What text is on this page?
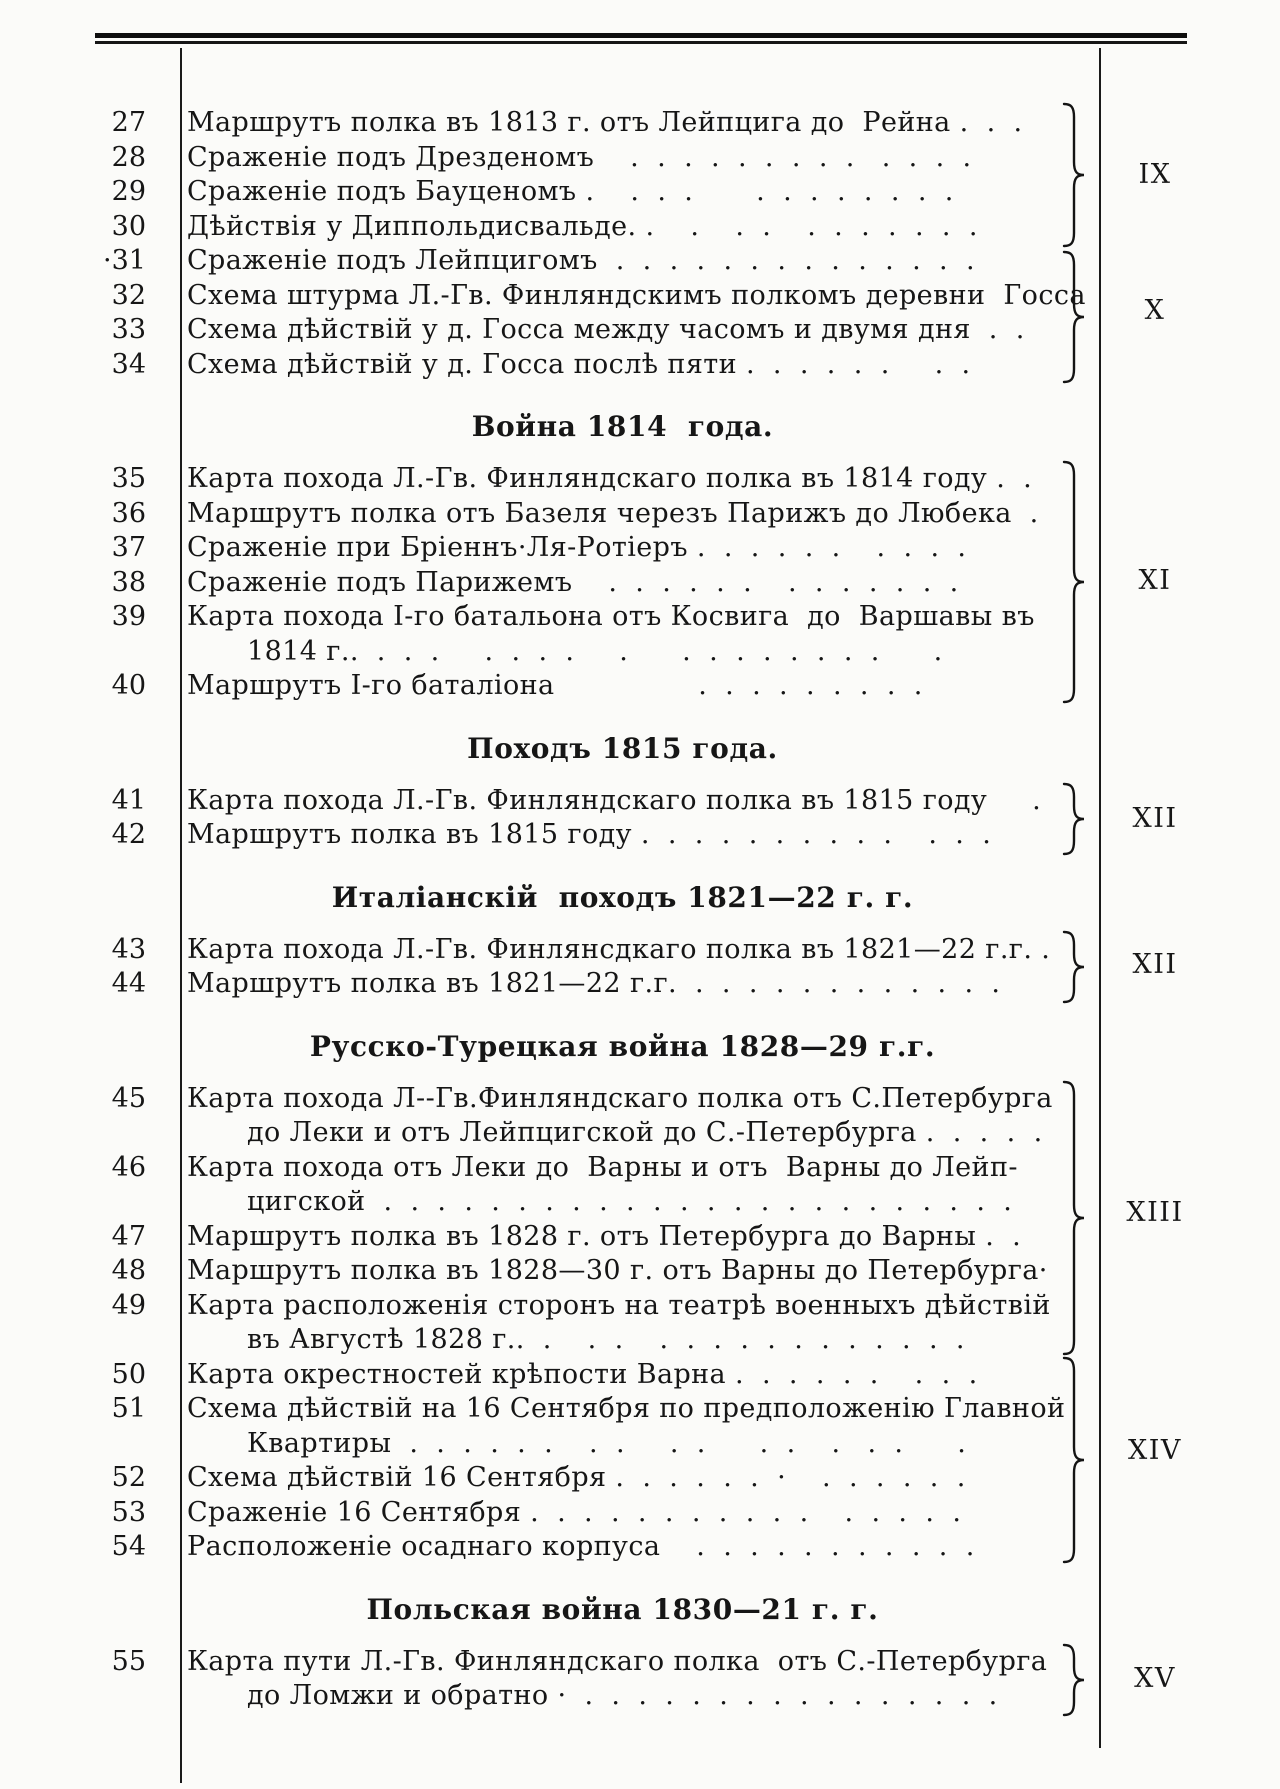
27 Маршрутъ полка въ 1813 г. отъ Лейпцига до  Рейна .  .  .
28 Сраженіе подъ Дрезденомъ    .  .  .  .  .  .  .  .  .   .  .  .  .
29 Сраженіе подъ Бауценомъ .    .  .  .       .  .  .  .  .  .  .  .
30 Дѣйствія у Диппольдисвальде. .    .    .  .    .  .  .  .  .  .  .
·31 Сраженіе подъ Лейпцигомъ  .  .  .  .  .  .  .  .  .  .  .  .  .  .
32 Схема штурма Л.-Гв. Финляндскимъ полкомъ деревни  Госса
33 Схема дѣйствій у д. Госса между часомъ и двумя дня  .  .
34 Схема дѣйствій у д. Госса послѣ пяти .  .  .  .  .  .     .  .
Война 1814  года.
35 Карта похода Л.-Гв. Финляндскаго полка въ 1814 году .  .
36 Маршрутъ полка отъ Базеля черезъ Парижъ до Любека  .
37 Сраженіе при Бріеннъ·Ля-Ротіеръ .  .  .  .  .  .    .  .  .  .
38 Сраженіе подъ Парижемъ    .  .  .  .  .  .    .  .  .  .  .  .  .
39 Карта похода I-го батальона отъ Косвига  до  Варшавы въ
1814 г..  .  .  .     .  .  .  .     .      .  .  .  .  .  .  .  .      .
40 Маршрутъ I-го баталіона                .  .  .  .  .  .  .  .  .
Походъ 1815 года.
41 Карта похода Л.-Гв. Финляндскаго полка въ 1815 году     .
42 Маршрутъ полка въ 1815 году .  .  .  .  .  .  .  .  .  .    .  .  .
Италіанскій  походъ 1821—22 г. г.
43 Карта похода Л.-Гв. Финлянсдкаго полка въ 1821—22 г.г. .
44 Маршрутъ полка въ 1821—22 г.г.  .  .  .  .  .  .  .  .  .  .  .  .
Русско-Турецкая война 1828—29 г.г.
45 Карта похода Л--Гв.Финляндскаго полка отъ С.Петербурга
до Леки и отъ Лейпцигской до С.-Петербурга .  .  .  .  .
46 Карта похода отъ Леки до  Варны и отъ  Варны до Лейп-
цигской  .  .  .  .  .  .  .  .  .  .  .  .  .  .  .  .  .  .  .  .  .  .  .  .
47 Маршрутъ полка въ 1828 г. отъ Петербурга до Варны .  .
48 Маршрутъ полка въ 1828—30 г. отъ Варны до Петербурга·
49 Карта расположенія сторонъ на театрѣ военныхъ дѣйствій
въ Августѣ 1828 г..  .    .  .    .  .  .  .  .  .  .  .  .  .  .  .
50 Карта окрестностей крѣпости Варна .  .  .  .  .  .    .  .  .
51 Схема дѣйствій на 16 Сентября по предположенію Главной
Квартиры  .  .  .  .  .  .    .  .     .  .      .  .    .   .  .      .
52 Схема дѣйствій 16 Сентября .  .  .  .  .  .  ·    .  .  .  .  .  .
53 Сраженіе 16 Сентября .  .  .  .  .  .  .  .  .  .  .    .  .  .  .  .
54 Расположеніе осаднаго корпуса    .  .  .  .  .  .  .  .  .  .  .
Польская война 1830—21 г. г.
55 Карта пути Л.-Гв. Финляндскаго полка  отъ С.-Петербурга
до Ломжи и обратно ·  .  .  .  .  .  .  .  .  .  .  .  .  .  .  .  .
IX
X
XI
XII
XII
XIII
XIV
XV
